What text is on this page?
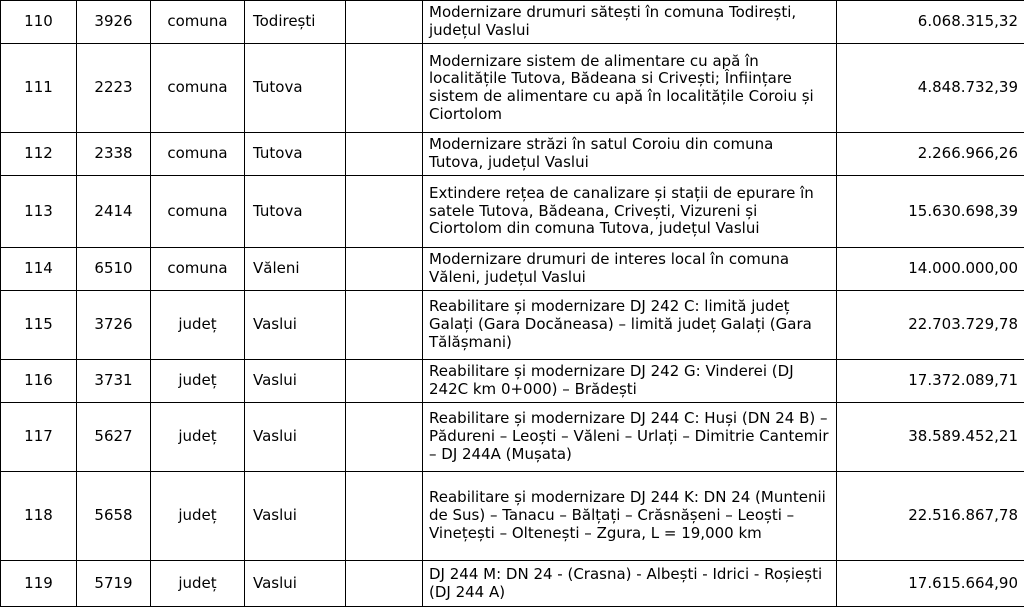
110	3926	comuna	Todirești		Modernizare drumuri sătești în comuna Todirești, județul Vaslui	6.068.315,32
111	2223	comuna	Tutova		Modernizare sistem de alimentare cu apă în localitățile Tutova, Bădeana si Crivești; Înființare sistem de alimentare cu apă în localitățile Coroiu și Ciortolom	4.848.732,39
112	2338	comuna	Tutova		Modernizare străzi în satul Coroiu din comuna Tutova, județul Vaslui	2.266.966,26
113	2414	comuna	Tutova		Extindere rețea de canalizare și stații de epurare în satele Tutova, Bădeana, Crivești, Vizureni și Ciortolom din comuna Tutova, județul Vaslui	15.630.698,39
114	6510	comuna	Văleni		Modernizare drumuri de interes local în comuna Văleni, județul Vaslui	14.000.000,00
115	3726	județ	Vaslui		Reabilitare și modernizare DJ 242 C: limită județ Galați (Gara Docăneasa) – limită județ Galați (Gara Tălășmani)	22.703.729,78
116	3731	județ	Vaslui		Reabilitare și modernizare DJ 242 G: Vinderei (DJ 242C km 0+000) – Brădești	17.372.089,71
117	5627	județ	Vaslui		Reabilitare și modernizare DJ 244 C: Huși (DN 24 B) – Pădureni – Leoști – Văleni – Urlați – Dimitrie Cantemir – DJ 244A (Mușata)	38.589.452,21
118	5658	județ	Vaslui		Reabilitare și modernizare DJ 244 K: DN 24 (Muntenii de Sus) – Tanacu – Bălțați – Crăsnășeni – Leoști – Vinețești – Oltenești – Zgura, L = 19,000 km	22.516.867,78
119	5719	județ	Vaslui		DJ 244 M: DN 24 - (Crasna) - Albești - Idrici - Roșiești (DJ 244 A)	17.615.664,90
